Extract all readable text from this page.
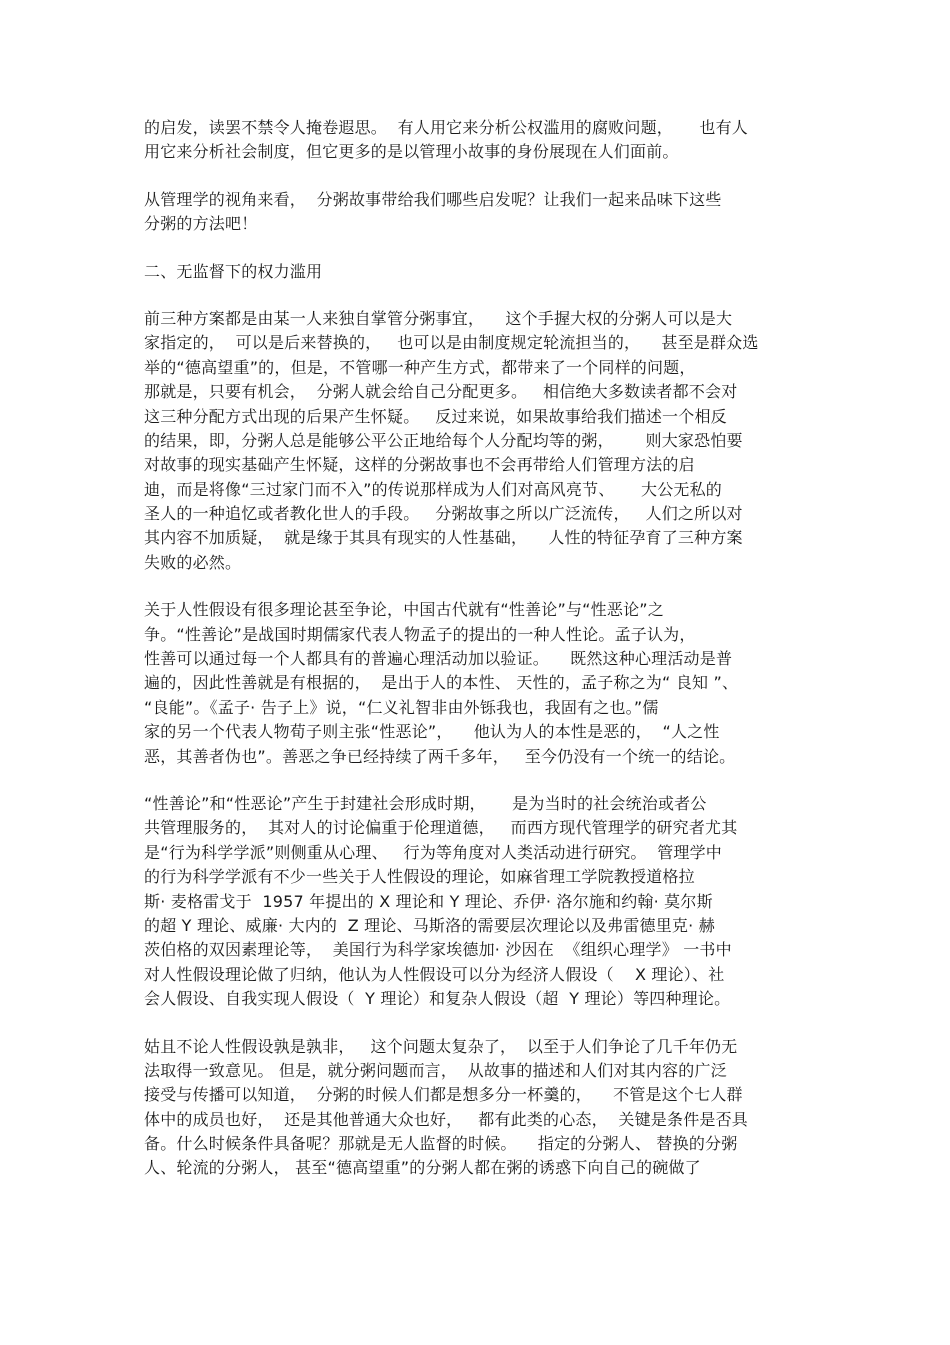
的启发，读罢不禁令人掩卷遐思。  有人用它来分析公权滥用的腐败问题，     也有人
用它来分析社会制度，但它更多的是以管理小故事的身份展现在人们面前。
从管理学的视角来看，  分粥故事带给我们哪些启发呢？让我们一起来品味下这些
分粥的方法吧！
二、无监督下的权力滥用
前三种方案都是由某一人来独自掌管分粥事宜，    这个手握大权的分粥人可以是大
家指定的，  可以是后来替换的，   也可以是由制度规定轮流担当的，    甚至是群众选
举的“德高望重”的，但是，不管哪一种产生方式，都带来了一个同样的问题，
那就是，只要有机会，  分粥人就会给自己分配更多。   相信绝大多数读者都不会对
这三种分配方式出现的后果产生怀疑。   反过来说，如果故事给我们描述一个相反
的结果，即，分粥人总是能够公平公正地给每个人分配均等的粥，      则大家恐怕要
对故事的现实基础产生怀疑，这样的分粥故事也不会再带给人们管理方法的启
迪，而是将像“三过家门而不入”的传说那样成为人们对高风亮节、     大公无私的
圣人的一种追忆或者教化世人的手段。   分粥故事之所以广泛流传，   人们之所以对
其内容不加质疑，  就是缘于其具有现实的人性基础，    人性的特征孕育了三种方案
失败的必然。
关于人性假设有很多理论甚至争论，中国古代就有“性善论”与“性恶论”之
争。“性善论”是战国时期儒家代表人物孟子的提出的一种人性论。孟子认为，
性善可以通过每一个人都具有的普遍心理活动加以验证。    既然这种心理活动是普
遍的，因此性善就是有根据的，  是出于人的本性、 天性的，孟子称之为“ 良知 ”、
“良能”。《孟子· 告子上》说，“仁义礼智非由外铄我也，我固有之也。”儒
家的另一个代表人物荀子则主张“性恶论”，    他认为人的本性是恶的，  “人之性
恶，其善者伪也”。善恶之争已经持续了两千多年，   至今仍没有一个统一的结论。
“性善论”和“性恶论”产生于封建社会形成时期，     是为当时的社会统治或者公
共管理服务的，  其对人的讨论偏重于伦理道德，   而西方现代管理学的研究者尤其
是“行为科学学派”则侧重从心理、   行为等角度对人类活动进行研究。  管理学中
的行为科学学派有不少一些关于人性假设的理论，如麻省理工学院教授道格拉
斯· 麦格雷戈于  1957 年提出的 X 理论和 Y 理论、乔伊· 洛尔施和约翰· 莫尔斯
的超 Y 理论、威廉· 大内的  Z 理论、马斯洛的需要层次理论以及弗雷德里克· 赫
茨伯格的双因素理论等，  美国行为科学家埃德加· 沙因在  《组织心理学》 一书中
对人性假设理论做了归纳，他认为人性假设可以分为经济人假设（    X 理论）、社
会人假设、自我实现人假设（  Y 理论）和复杂人假设（超  Y 理论）等四种理论。
姑且不论人性假设孰是孰非，   这个问题太复杂了，  以至于人们争论了几千年仍无
法取得一致意见。 但是，就分粥问题而言，  从故事的描述和人们对其内容的广泛
接受与传播可以知道，  分粥的时候人们都是想多分一杯羹的，    不管是这个七人群
体中的成员也好，  还是其他普通大众也好，   都有此类的心态，  关键是条件是否具
备。什么时候条件具备呢？那就是无人监督的时候。    指定的分粥人、 替换的分粥
人、轮流的分粥人， 甚至“德高望重”的分粥人都在粥的诱惑下向自己的碗做了
